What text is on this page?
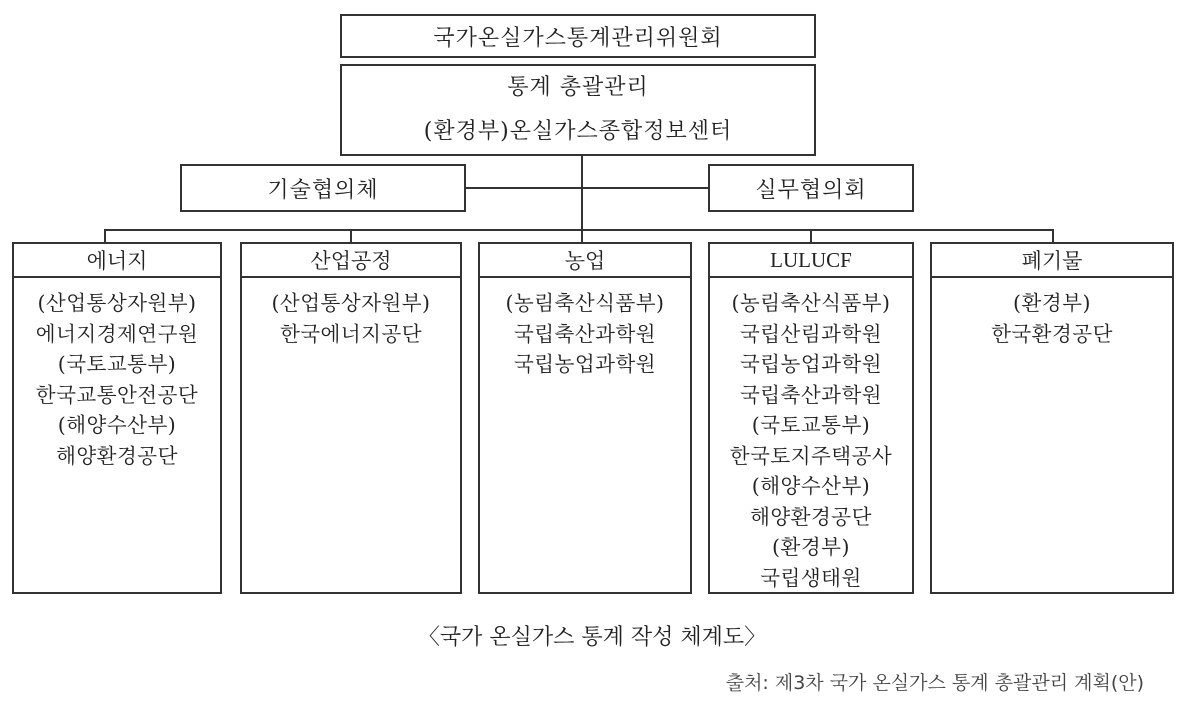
국가온실가스통계관리위원회
통계 총괄관리
(환경부)온실가스종합정보센터
기술협의체	실무협의회
에너지
(산업통상자원부)
에너지경제연구원
(국토교통부)
한국교통안전공단
(해양수산부)
해양환경공단
산업공정
(산업통상자원부)
한국에너지공단
농업
(농림축산식품부)
국립축산과학원
국립농업과학원
LULUCF
(농림축산식품부)
국립산림과학원
국립농업과학원
국립축산과학원
(국토교통부)
한국토지주택공사
(해양수산부)
해양환경공단
(환경부)
국립생태원
폐기물
(환경부)
한국환경공단
〈국가 온실가스 통계 작성 체계도〉
출처: 제3차 국가 온실가스 통계 총괄관리 계획(안)
